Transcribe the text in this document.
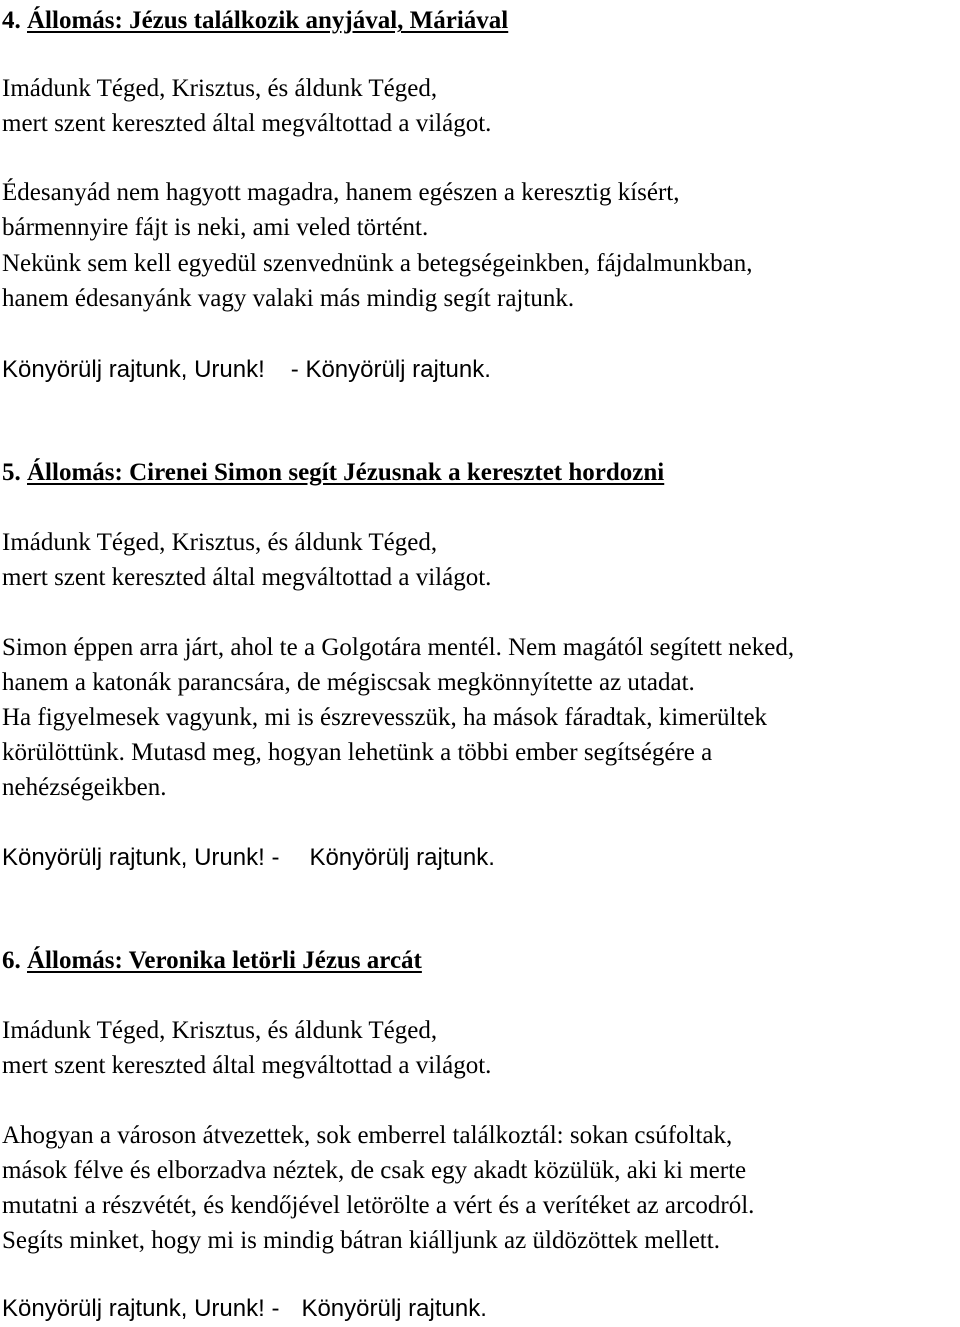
4. Állomás: Jézus találkozik anyjával, Máriával
Imádunk Téged, Krisztus, és áldunk Téged,
mert szent kereszted által megváltottad a világot.
Édesanyád nem hagyott magadra, hanem egészen a keresztig kísért,
bármennyire fájt is neki, ami veled történt.
Nekünk sem kell egyedül szenvednünk a betegségeinkben, fájdalmunkban,
hanem édesanyánk vagy valaki más mindig segít rajtunk.
Könyörülj rajtunk, Urunk! - Könyörülj rajtunk.
5. Állomás: Cirenei Simon segít Jézusnak a keresztet hordozni
Imádunk Téged, Krisztus, és áldunk Téged,
mert szent kereszted által megváltottad a világot.
Simon éppen arra járt, ahol te a Golgotára mentél. Nem magától segített neked,
hanem a katonák parancsára, de mégiscsak megkönnyítette az utadat.
Ha figyelmesek vagyunk, mi is észrevesszük, ha mások fáradtak, kimerültek
körülöttünk. Mutasd meg, hogyan lehetünk a többi ember segítségére a
nehézségeikben.
Könyörülj rajtunk, Urunk! - Könyörülj rajtunk.
6. Állomás: Veronika letörli Jézus arcát
Imádunk Téged, Krisztus, és áldunk Téged,
mert szent kereszted által megváltottad a világot.
Ahogyan a városon átvezettek, sok emberrel találkoztál: sokan csúfoltak,
mások félve és elborzadva néztek, de csak egy akadt közülük, aki ki merte
mutatni a részvétét, és kendőjével letörölte a vért és a verítéket az arcodról.
Segíts minket, hogy mi is mindig bátran kiálljunk az üldözöttek mellett.
Könyörülj rajtunk, Urunk! - Könyörülj rajtunk.
